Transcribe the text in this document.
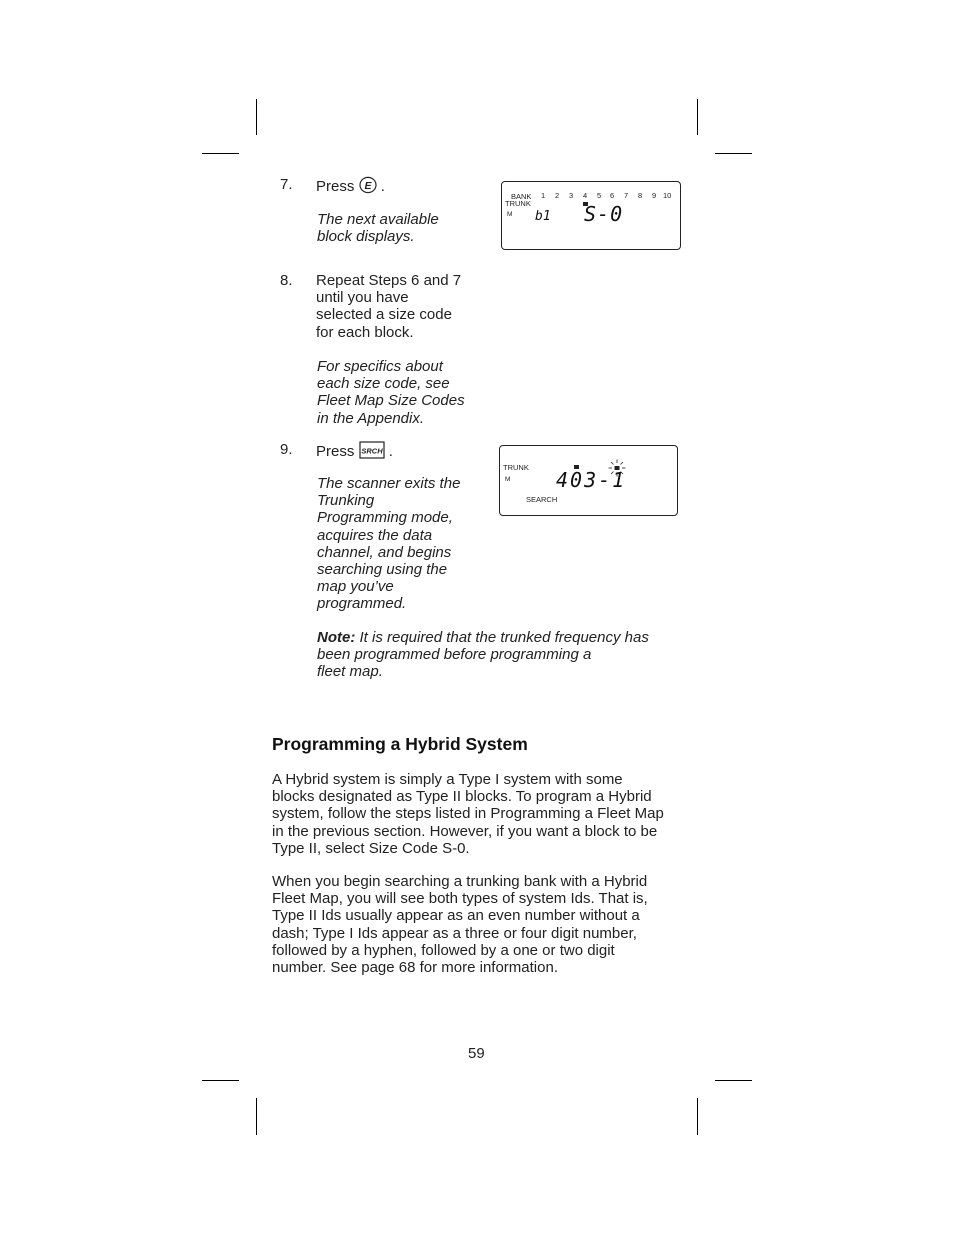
7. Press E .
The next available
block displays.
BANK 1 2 3 4 5 6 7 8 9 10
TRUNK
M b1 S-0
8. Repeat Steps 6 and 7
until you have
selected a size code
for each block.
For specifics about
each size code, see
Fleet Map Size Codes
in the Appendix.
9. Press SRCH .
The scanner exits the
Trunking
Programming mode,
acquires the data
channel, and begins
searching using the
map you’ve
programmed.
TRUNK
M 403-1
SEARCH
Note: It is required that the trunked frequency has
been programmed before programming a
fleet map.
Programming a Hybrid System
A Hybrid system is simply a Type I system with some
blocks designated as Type II blocks. To program a Hybrid
system, follow the steps listed in Programming a Fleet Map
in the previous section. However, if you want a block to be
Type II, select Size Code S-0.
When you begin searching a trunking bank with a Hybrid
Fleet Map, you will see both types of system Ids. That is,
Type II Ids usually appear as an even number without a
dash; Type I Ids appear as a three or four digit number,
followed by a hyphen, followed by a one or two digit
number. See page 68 for more information.
59
